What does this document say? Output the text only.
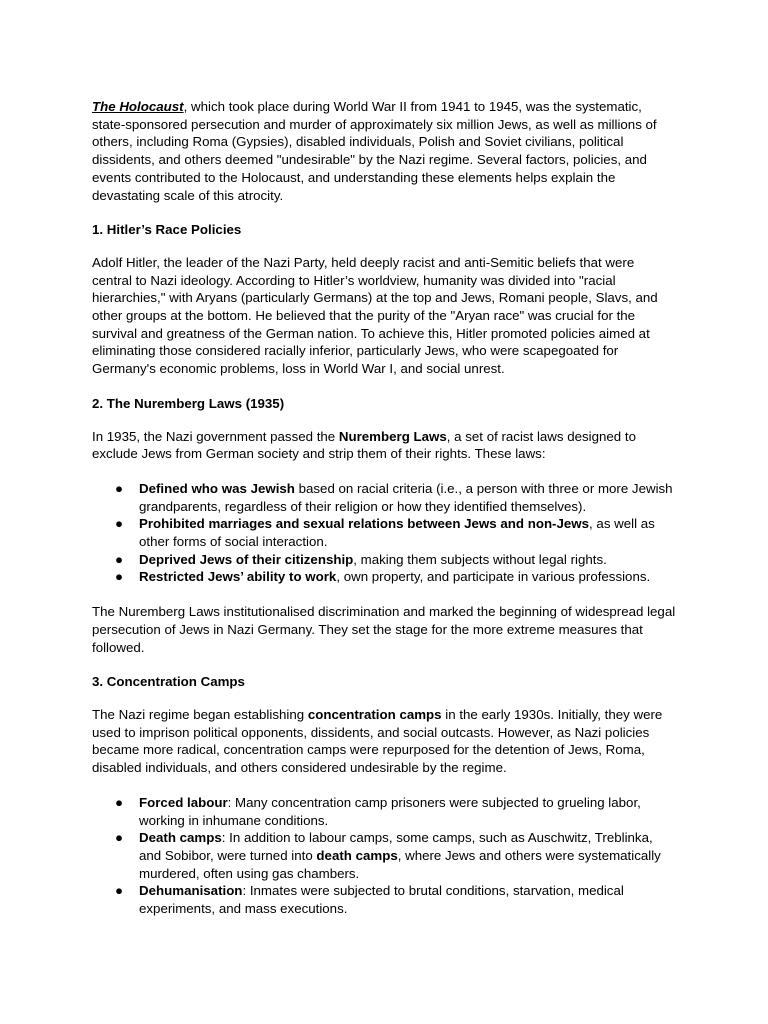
The Holocaust, which took place during World War II from 1941 to 1945, was the systematic, state-sponsored persecution and murder of approximately six million Jews, as well as millions of others, including Roma (Gypsies), disabled individuals, Polish and Soviet civilians, political dissidents, and others deemed "undesirable" by the Nazi regime. Several factors, policies, and events contributed to the Holocaust, and understanding these elements helps explain the devastating scale of this atrocity.

1. Hitler’s Race Policies

Adolf Hitler, the leader of the Nazi Party, held deeply racist and anti-Semitic beliefs that were central to Nazi ideology. According to Hitler’s worldview, humanity was divided into "racial hierarchies," with Aryans (particularly Germans) at the top and Jews, Romani people, Slavs, and other groups at the bottom. He believed that the purity of the "Aryan race" was crucial for the survival and greatness of the German nation. To achieve this, Hitler promoted policies aimed at eliminating those considered racially inferior, particularly Jews, who were scapegoated for Germany's economic problems, loss in World War I, and social unrest.

2. The Nuremberg Laws (1935)

In 1935, the Nazi government passed the Nuremberg Laws, a set of racist laws designed to exclude Jews from German society and strip them of their rights. These laws:

● Defined who was Jewish based on racial criteria (i.e., a person with three or more Jewish grandparents, regardless of their religion or how they identified themselves).
● Prohibited marriages and sexual relations between Jews and non-Jews, as well as other forms of social interaction.
● Deprived Jews of their citizenship, making them subjects without legal rights.
● Restricted Jews’ ability to work, own property, and participate in various professions.

The Nuremberg Laws institutionalised discrimination and marked the beginning of widespread legal persecution of Jews in Nazi Germany. They set the stage for the more extreme measures that followed.

3. Concentration Camps

The Nazi regime began establishing concentration camps in the early 1930s. Initially, they were used to imprison political opponents, dissidents, and social outcasts. However, as Nazi policies became more radical, concentration camps were repurposed for the detention of Jews, Roma, disabled individuals, and others considered undesirable by the regime.

● Forced labour: Many concentration camp prisoners were subjected to grueling labor, working in inhumane conditions.
● Death camps: In addition to labour camps, some camps, such as Auschwitz, Treblinka, and Sobibor, were turned into death camps, where Jews and others were systematically murdered, often using gas chambers.
● Dehumanisation: Inmates were subjected to brutal conditions, starvation, medical experiments, and mass executions.
